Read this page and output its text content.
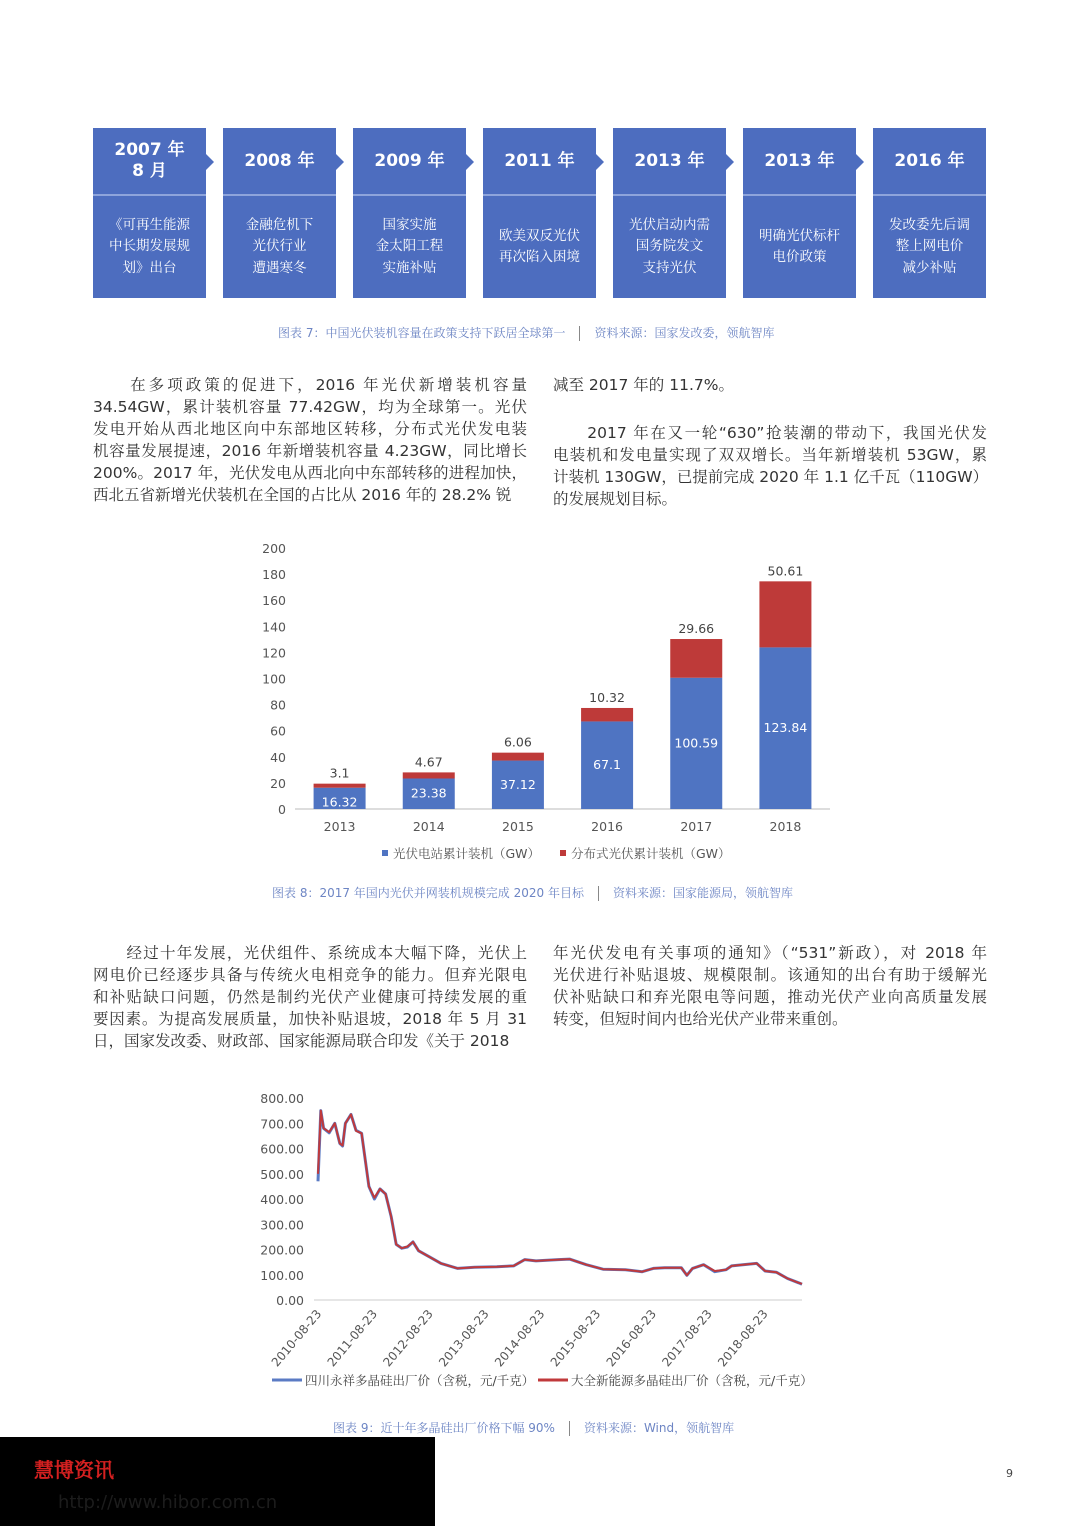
2007 年
8 月
《可再生能源
中长期发展规
划》出台
2008 年
金融危机下
光伏行业
遭遇寒冬
2009 年
国家实施
金太阳工程
实施补贴
2011 年
欧美双反光伏
再次陷入困境
2013 年
光伏启动内需
国务院发文
支持光伏
2013 年
明确光伏标杆
电价政策
2016 年
发改委先后调
整上网电价
减少补贴
图表 7：中国光伏装机容量在政策支持下跃居全球第一 资料来源：国家发改委，领航智库
　　在多项政策的促进下，2016 年光伏新增装机容量
34.54GW，累计装机容量 77.42GW，均为全球第一。光伏
发电开始从西北地区向中东部地区转移，分布式光伏发电装
机容量发展提速，2016 年新增装机容量 4.23GW，同比增长
200%。2017 年，光伏发电从西北向中东部转移的进程加快，
西北五省新增光伏装机在全国的占比从 2016 年的 28.2% 锐
减至 2017 年的 11.7%。
　　2017 年在又一轮“630”抢装潮的带动下，我国光伏发
电装机和发电量实现了双双增长。当年新增装机 53GW，累
计装机 130GW，已提前完成 2020 年 1.1 亿千瓦（110GW）
的发展规划目标。
0
20
40
60
80
100
120
140
160
180
200
16.32
3.1
2013
23.38
4.67
2014
37.12
6.06
2015
67.1
10.32
2016
100.59
29.66
2017
123.84
50.61
2018
光伏电站累计装机（GW） 分布式光伏累计装机（GW）
图表 8：2017 年国内光伏并网装机规模完成 2020 年目标 资料来源：国家能源局，领航智库
　　经过十年发展，光伏组件、系统成本大幅下降，光伏上
网电价已经逐步具备与传统火电相竞争的能力。但弃光限电
和补贴缺口问题，仍然是制约光伏产业健康可持续发展的重
要因素。为提高发展质量，加快补贴退坡，2018 年 5 月 31
日，国家发改委、财政部、国家能源局联合印发《关于 2018
年光伏发电有关事项的通知》（“531”新政），对 2018 年
光伏进行补贴退坡、规模限制。该通知的出台有助于缓解光
伏补贴缺口和弃光限电等问题，推动光伏产业向高质量发展
转变，但短时间内也给光伏产业带来重创。
0.00
100.00
200.00
300.00
400.00
500.00
600.00
700.00
800.00
2010-08-23 2011-08-23 2012-08-23 2013-08-23 2014-08-23 2015-08-23 2016-08-23 2017-08-23 2018-08-23
四川永祥多晶硅出厂价（含税，元/千克）	大全新能源多晶硅出厂价（含税，元/千克）
图表 9：近十年多晶硅出厂价格下幅 90% 资料来源：Wind，领航智库
慧博资讯
http://www.hibor.com.cn
9
